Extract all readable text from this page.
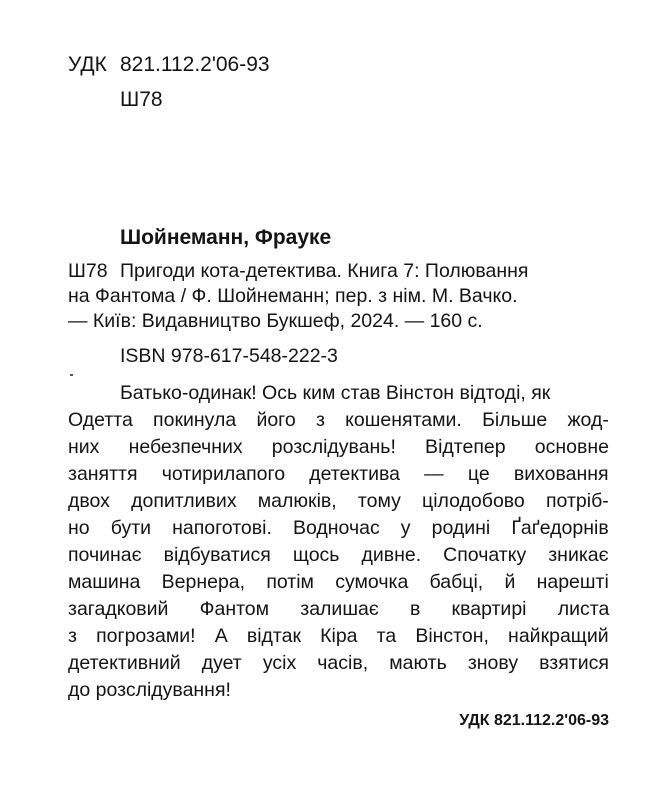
УДК 821.112.2'06-93
Ш78
Шойнеманн, Фрауке
Ш78 Пригоди кота-детектива. Книга 7: Полювання
на Фантома / Ф. Шойнеманн; пер. з нім. М. Вачко.
— Київ: Видавництво Букшеф, 2024. — 160 с.
ISBN 978-617-548-222-3
Батько-одинак! Ось ким став Вінстон відтоді, як
Одетта покинула його з кошенятами. Більше жод-
них небезпечних розслідувань! Відтепер основне
заняття чотирилапого детектива — це виховання
двох допитливих малюків, тому цілодобово потріб-
но бути напоготові. Водночас у родині Ґаґедорнів
починає відбуватися щось дивне. Спочатку зникає
машина Вернера, потім сумочка бабці, й нарешті
загадковий Фантом залишає в квартирі листа
з погрозами! А відтак Кіра та Вінстон, найкращий
детективний дует усіх часів, мають знову взятися
до розслідування!
УДК 821.112.2'06-93
